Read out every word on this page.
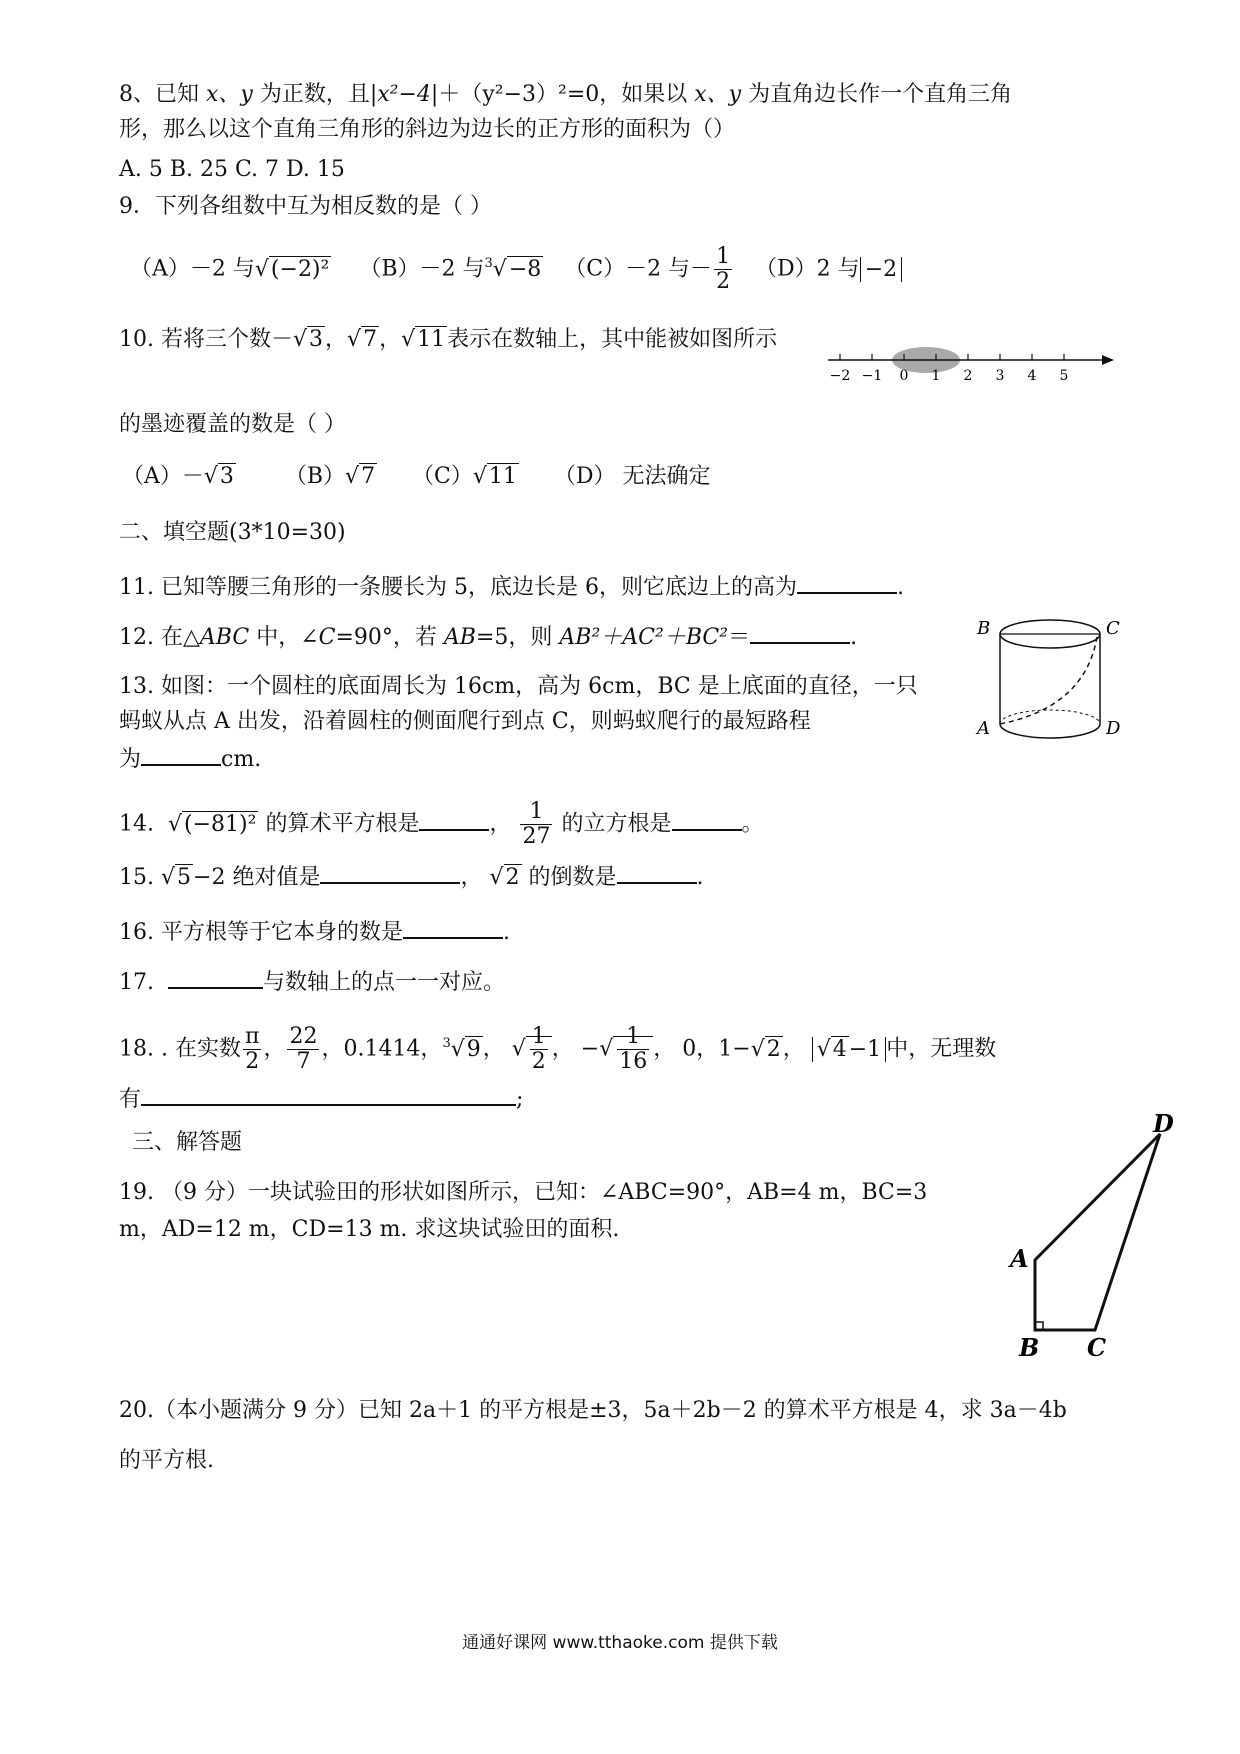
8、已知 x、y 为正数，且|x²−4|＋（y²−3）²=0，如果以 x、y 为直角边长作一个直角三角
形，那么以这个直角三角形的斜边为边长的正方形的面积为（）
A. 5 B. 25 C. 7 D. 15
9．下列各组数中互为相反数的是（ ）
（A）－2 与√(−2)² （B）－2 与$^3$√−8 （C）－2 与－ $\frac{1}{2} (D)2$ 与 −2
10. 若将三个数－√3，√7，√11表示在数轴上，其中能被如图所示
−2 −1 0 1 2 3 4 5
的墨迹覆盖的数是（ ）
（A）－√3 （B）√7 （C）√11 （D） 无法确定
二、填空题(3*10=30)
11. 已知等腰三角形的一条腰长为 5，底边长是 6，则它底边上的高为	.
12. 在△ABC 中，∠C=90°，若 AB=5，则 AB²＋AC²＋BC²＝	.	B	C
A	D
13. 如图：一个圆柱的底面周长为 16cm，高为 6cm，BC 是上底面的直径，一只
蚂蚁从点 A 出发，沿着圆柱的侧面爬行到点 C，则蚂蚁爬行的最短路程
为	cm.
14. √(−81)² 的算术平方根是	， $\frac{1}{27}$ 的立方根是	。
15. √5−2 绝对值是	， √2 的倒数是	.
16. 平方根等于它本身的数是	.
17.	与数轴上的点一一对应。
18. . 在实数 $\frac{\pi}{2}$ ， $\frac{22}{7}$ ，0.1414，$^3$√9， √ $\frac{1}{2}$ ， −√ $\frac{1}{16}$ ， 0，1−√2， √4−1 中，无理数
有	;
三、解答题
19. （9 分）一块试验田的形状如图所示，已知：∠ABC=90°，AB=4 m，BC=3
m，AD=12 m，CD=13 m. 求这块试验田的面积.
D
A
B C
20.（本小题满分 9 分）已知 2a＋1 的平方根是±3，5a＋2b－2 的算术平方根是 4，求 3a－4b
的平方根.
通通好课网 www.tthaoke.com 提供下载
